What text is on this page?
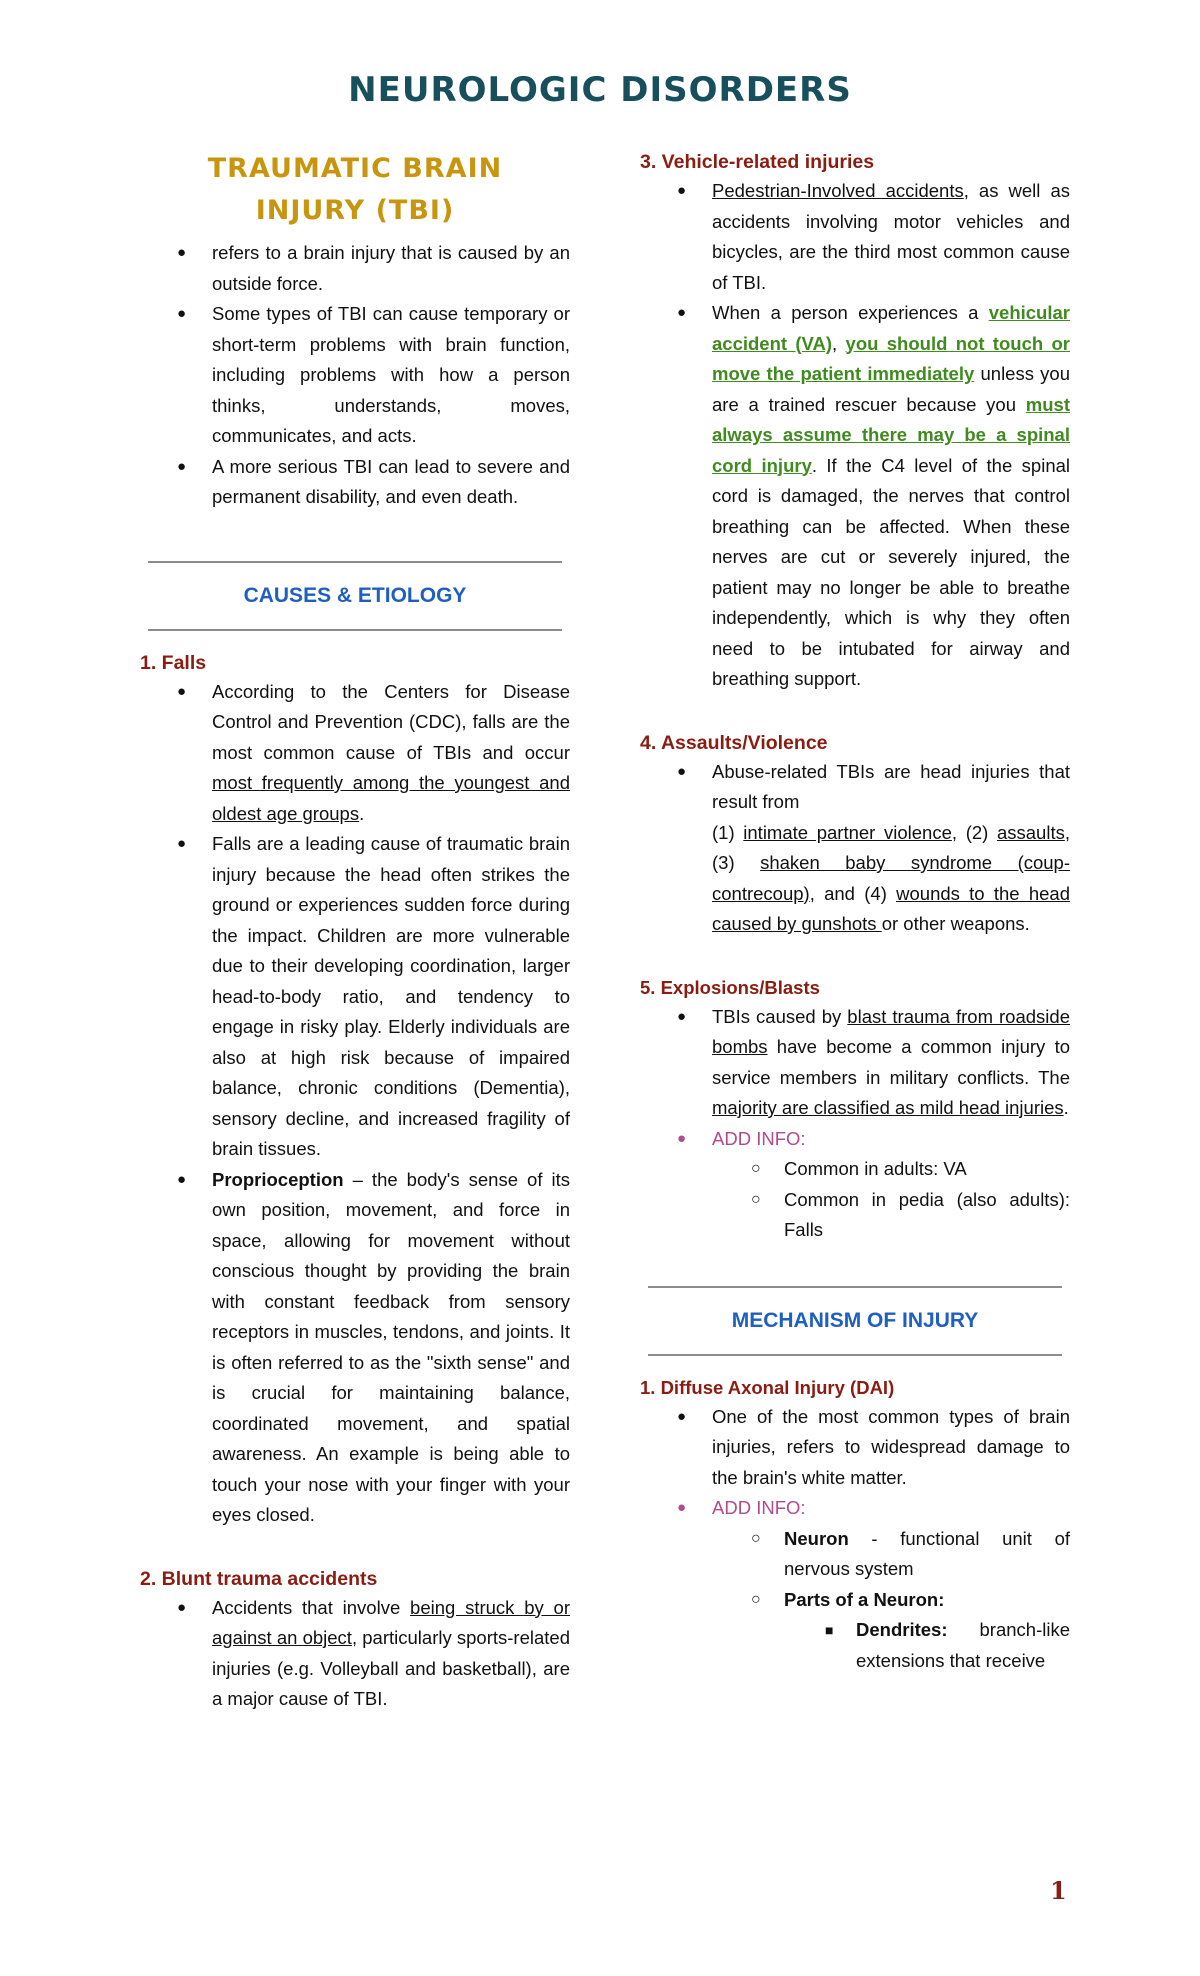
NEUROLOGIC DISORDERS
TRAUMATIC BRAIN
INJURY (TBI)
● refers to a brain injury that is caused by an outside force.
● Some types of TBI can cause temporary or short-term problems with brain function, including problems with how a person thinks, understands, moves, communicates, and acts.
● A more serious TBI can lead to severe and permanent disability, and even death.
CAUSES & ETIOLOGY
1. Falls
● According to the Centers for Disease Control and Prevention (CDC), falls are the most common cause of TBIs and occur most frequently among the youngest and oldest age groups.
● Falls are a leading cause of traumatic brain injury because the head often strikes the ground or experiences sudden force during the impact. Children are more vulnerable due to their developing coordination, larger head-to-body ratio, and tendency to engage in risky play. Elderly individuals are also at high risk because of impaired balance, chronic conditions (Dementia), sensory decline, and increased fragility of brain tissues.
● Proprioception – the body's sense of its own position, movement, and force in space, allowing for movement without conscious thought by providing the brain with constant feedback from sensory receptors in muscles, tendons, and joints. It is often referred to as the "sixth sense" and is crucial for maintaining balance, coordinated movement, and spatial awareness. An example is being able to touch your nose with your finger with your eyes closed.
2. Blunt trauma accidents
● Accidents that involve being struck by or against an object, particularly sports-related injuries (e.g. Volleyball and basketball), are a major cause of TBI.
3. Vehicle-related injuries
● Pedestrian-Involved accidents, as well as accidents involving motor vehicles and bicycles, are the third most common cause of TBI.
● When a person experiences a vehicular accident (VA), you should not touch or move the patient immediately unless you are a trained rescuer because you must always assume there may be a spinal cord injury. If the C4 level of the spinal cord is damaged, the nerves that control breathing can be affected. When these nerves are cut or severely injured, the patient may no longer be able to breathe independently, which is why they often need to be intubated for airway and breathing support.
4. Assaults/Violence
● Abuse-related TBIs are head injuries that result from
(1) intimate partner violence, (2) assaults, (3) shaken baby syndrome (coup-contrecoup), and (4) wounds to the head caused by gunshots or other weapons.
5. Explosions/Blasts
● TBIs caused by blast trauma from roadside bombs have become a common injury to service members in military conflicts. The majority are classified as mild head injuries.
● ADD INFO:
○ Common in adults: VA
○ Common in pedia (also adults): Falls
MECHANISM OF INJURY
1. Diffuse Axonal Injury (DAI)
● One of the most common types of brain injuries, refers to widespread damage to the brain's white matter.
● ADD INFO:
○ Neuron - functional unit of nervous system
○ Parts of a Neuron:
■ Dendrites: branch-like extensions that receive
1
